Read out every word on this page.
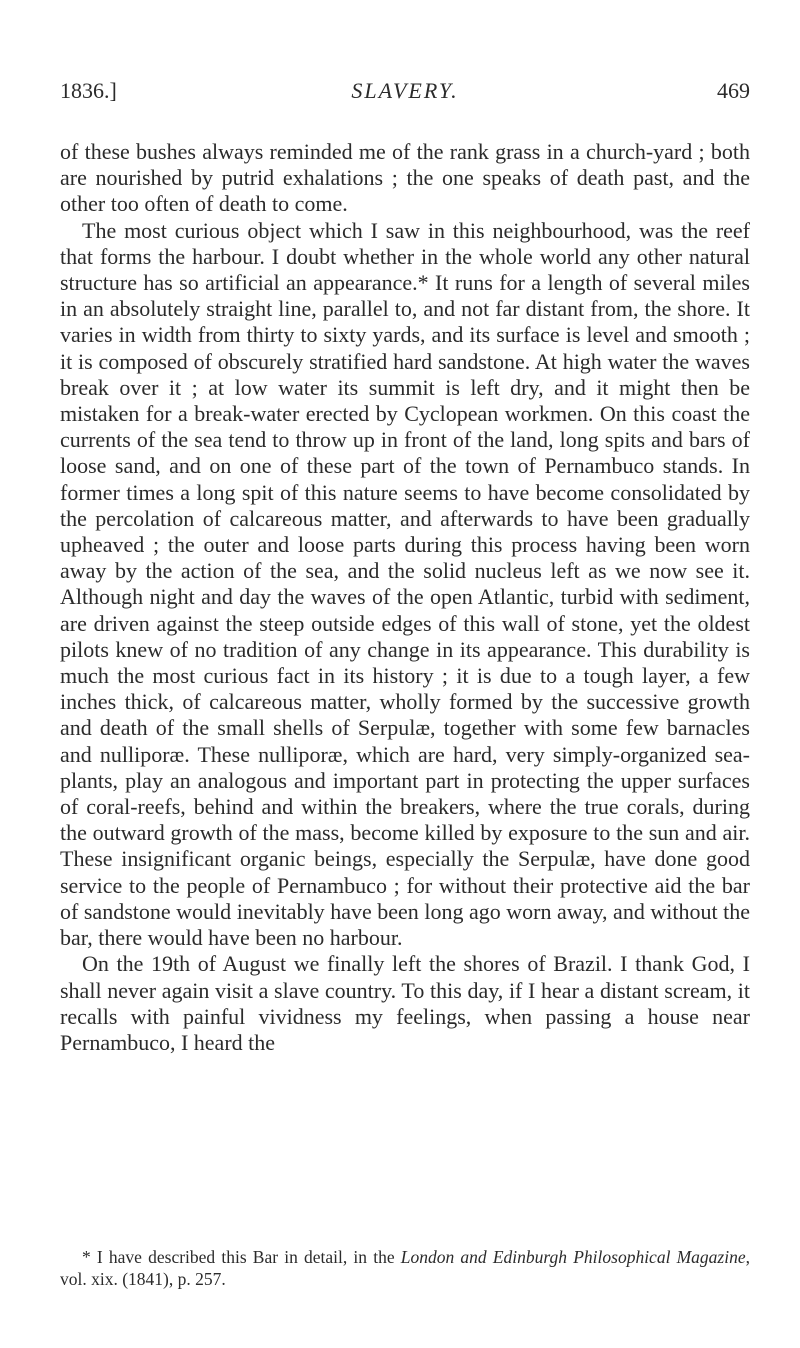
1836.]	SLAVERY.	469

of these bushes always reminded me of the rank grass in a church-yard ; both are nourished by putrid exhalations ; the one speaks of death past, and the other too often of death to come.

The most curious object which I saw in this neighbourhood, was the reef that forms the harbour. I doubt whether in the whole world any other natural structure has so artificial an appearance.* It runs for a length of several miles in an absolutely straight line, parallel to, and not far distant from, the shore. It varies in width from thirty to sixty yards, and its surface is level and smooth ; it is composed of obscurely stratified hard sandstone. At high water the waves break over it ; at low water its summit is left dry, and it might then be mistaken for a break-water erected by Cyclopean workmen. On this coast the currents of the sea tend to throw up in front of the land, long spits and bars of loose sand, and on one of these part of the town of Pernambuco stands. In former times a long spit of this nature seems to have become consolidated by the percolation of calcareous matter, and afterwards to have been gradually upheaved ; the outer and loose parts during this process having been worn away by the action of the sea, and the solid nucleus left as we now see it. Although night and day the waves of the open Atlantic, turbid with sediment, are driven against the steep outside edges of this wall of stone, yet the oldest pilots knew of no tradition of any change in its appearance. This durability is much the most curious fact in its history ; it is due to a tough layer, a few inches thick, of calcareous matter, wholly formed by the successive growth and death of the small shells of Serpulæ, together with some few barnacles and nulliporæ. These nulliporæ, which are hard, very simply-organized sea-plants, play an analogous and important part in protecting the upper surfaces of coral-reefs, behind and within the breakers, where the true corals, during the outward growth of the mass, become killed by exposure to the sun and air. These insignificant organic beings, especially the Serpulæ, have done good service to the people of Pernambuco ; for without their protective aid the bar of sandstone would inevitably have been long ago worn away, and without the bar, there would have been no harbour.

On the 19th of August we finally left the shores of Brazil. I thank God, I shall never again visit a slave country. To this day, if I hear a distant scream, it recalls with painful vividness my feelings, when passing a house near Pernambuco, I heard the

* I have described this Bar in detail, in the London and Edinburgh Philosophical Magazine, vol. xix. (1841), p. 257.
